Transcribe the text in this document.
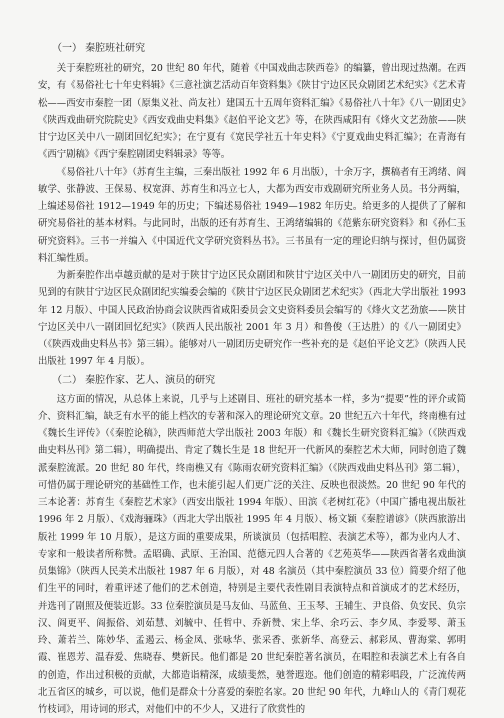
（一） 秦腔班社研究

关于秦腔班社的研究，20 世纪 80 年代，随着《中国戏曲志陕西卷》的编纂，曾出现过热潮。在西安，有《易俗社七十年史料辑》《三意社演艺活动百年资料集》《陕甘宁边区民众剧团艺术纪实》《艺术青松——西安市秦腔一团（原集义社、尚友社）建国五十五周年资料汇编》《易俗社八十年》《八一剧团史》《陕西戏曲研究院院史》《西安戏曲史料集》《赵伯平论文艺》等，在陕西咸阳有《烽火文艺劲旅——陕甘宁边区关中八一剧团回忆纪实》；在宁夏有《宽民学社五十年史料》《宁夏戏曲史料汇编》；在青海有《西宁剧稿》《西宁秦腔剧团史料辑录》等等。

《易俗社八十年》（苏育生主编，三秦出版社 1992 年 6 月出版），十余万字，撰稿者有王鸿绪、阎敏学、张静波、王保易、权宽湃、苏育生和冯立七人，大都为西安市戏剧研究所业务人员。书分两编，上编述易俗社 1912—1949 年的历史；下编述易俗社 1949—1982 年历史。给更多的人提供了了解和研究易俗社的基本材料。与此同时，出版的还有苏育生、王鸿绪编辑的《范紫东研究资料》和《孙仁玉研究资料》。三书一并编入《中国近代文学研究资料丛书》。三书虽有一定的理论归纳与探讨，但仍属资料汇编性质。

为新秦腔作出卓越贡献的是对于陕甘宁边区民众剧团和陕甘宁边区关中八一剧团历史的研究，目前见到的有陕甘宁边区民众剧团纪实编委会编的《陕甘宁边区民众剧团艺术纪实》（西北大学出版社 1993 年 12 月版）、中国人民政治协商会议陕西省咸阳委员会文史资料委员会编写的《烽火文艺劲旅——陕甘宁边区关中八一剧团回忆纪实》（陕西人民出版社 2001 年 3 月）和鲁俊（王达胜）的《八一剧团史》（《陕西戏曲史料丛书》第三辑）。能够对八一剧团历史研究作一些补充的是《赵伯平论文艺》（陕西人民出版社 1997 年 4 月版）。

（二） 秦腔作家、艺人、演员的研究

这方面的情况，从总体上来说，几乎与上述剧目、班社的研究基本一样，多为“提要”性的评介或简介、资料汇编，缺乏有水平的能上档次的专著和深入的理论研究文章。20 世纪五六十年代，终南樵有过《魏长生评传》（《秦腔论稿》，陕西师范大学出版社 2003 年版）和《魏长生研究资料汇编》（《陕西戏曲史料丛刊》第二辑），明确提出、肯定了魏长生是 18 世纪开一代新风的秦腔艺术大师，同时创造了魏派秦腔流派。20 世纪 80 年代，终南樵又有《陈雨农研究资料汇编》（《陕西戏曲史料丛刊》第二辑），可惜仍属于理论研究的基础性工作，也未能引起人们更广泛的关注、反映也很淡然。20 世纪 90 年代的三本论著：苏育生《秦腔艺术家》（西安出版社 1994 年版）、田滨《老树红花》（中国广播电视出版社 1996 年 2 月版）、《戏海骊珠》（西北大学出版社 1995 年 4 月版）、杨文颖《秦腔谱谚》（陕西旅游出版社 1999 年 10 月版），是这方面的重要成果，所谈演员（包括唱腔、表演艺术等），都为业内人才、专家和一般读者所称赞。孟昭确、武原、王治国、范德元四人合著的《艺苑英华——陕西省著名戏曲演员集锦》（陕西人民美术出版社 1987 年 6 月版），对 48 名演员（其中秦腔演员 33 位）简要介绍了他们生平的同时，着重评述了他们的艺术创造，特别是主要代表性剧目表演特点和首演成才的艺术经历，并选刊了剧照及便装近影。33 位秦腔演员是马友仙、马蓝鱼、王玉琴、王辅生、尹良俗、负安民、负宗汉、阎更平、阎振俗、刘茹慧、刘毓中、任哲中、乔新赞、宋上华、余巧云、李夕凤、李爱琴、萧玉玲、萧若兰、陈妙华、孟遏云、杨金凤、张咏华、张采香、张新华、高登云、郝彩凤、曹海棠、郭明霞、崔恩芳、温春爱、焦晓春、樊新民。他们都是 20 世纪秦腔著名演员，在唱腔和表演艺术上有各自的创造，作出过积极的贡献，大都造诣精深，成绩斐然，驰誉遐迩。他们创造的精彩唱段，广泛流传两北五省区的城乡，可以说，他们是群众十分喜爱的秦腔名家。20 世纪 90 年代，九峰山人的《青门观花竹枝词》，用诗词的形式，对他们中的不少人，又进行了欣赏性的
